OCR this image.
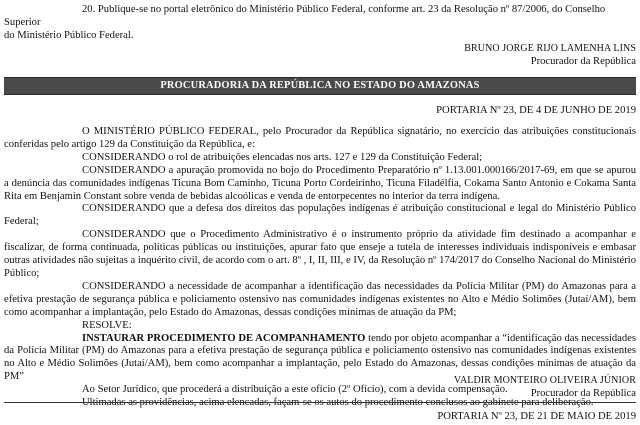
20. Publique-se no portal eletrônico do Ministério Público Federal, conforme art. 23 da Resolução nº 87/2006, do Conselho Superior

do Ministério Público Federal.

BRUNO JORGE RIJO LAMENHA LINS

Procurador da República

PROCURADORIA DA REPÚBLICA NO ESTADO DO AMAZONAS

PORTARIA Nº 23, DE 4 DE JUNHO DE 2019

O MINISTÉRIO PÚBLICO FEDERAL, pelo Procurador da República signatário, no exercício das atribuições constitucionais conferidas pelo artigo 129 da Constituição da República, e:

CONSIDERANDO o rol de atribuições elencadas nos arts. 127 e 129 da Constituição Federal;

CONSIDERANDO a apuração promovida no bojo do Procedimento Preparatório nº 1.13.001.000166/2017-69, em que se apurou a denúncia das comunidades indígenas Ticuna Bom Caminho, Ticuna Porto Cordeirinho, Ticuna Filadélfia, Cokama Santo Antonio e Cokama Santa Rita em Benjamin Constant sobre venda de bebidas alcoólicas e venda de entorpecentes no interior da terra indígena.

CONSIDERANDO que a defesa dos direitos das populações indígenas é atribuição constitucional e legal do Ministério Público Federal;

CONSIDERANDO que o Procedimento Administrativo é o instrumento próprio da atividade fim destinado a acompanhar e fiscalizar, de forma continuada, políticas públicas ou instituições, apurar fato que enseje a tutela de interesses individuais indisponíveis e embasar outras atividades não sujeitas a inquérito civil, de acordo com o art. 8º , I, II, III, e IV, da Resolução nº 174/2017 do Conselho Nacional do Ministério Público;

CONSIDERANDO a necessidade de acompanhar a identificação das necessidades da Polícia Militar (PM) do Amazonas para a efetiva prestação de segurança pública e policiamento ostensivo nas comunidades indígenas existentes no Alto e Médio Solimões (Jutaí/AM), bem como acompanhar a implantação, pelo Estado do Amazonas, dessas condições mínimas de atuação da PM;

RESOLVE:

INSTAURAR PROCEDIMENTO DE ACOMPANHAMENTO tendo por objeto acompanhar a “identificação das necessidades da Polícia Militar (PM) do Amazonas para a efetiva prestação de segurança pública e policiamento ostensivo nas comunidades indígenas existentes no Alto e Médio Solimões (Jutaí/AM), bem como acompanhar a implantação, pelo Estado do Amazonas, dessas condições mínimas de atuação da PM”

Ao Setor Jurídico, que procederá a distribuição a este ofício (2º Ofício), com a devida compensação.

Ultimadas as providências, acima elencadas, façam-se os autos do procedimento conclusos ao gabinete para deliberação.

VALDIR MONTEIRO OLIVEIRA JÚNIOR

Procurador da República

PORTARIA Nº 23, DE 21 DE MAIO DE 2019
